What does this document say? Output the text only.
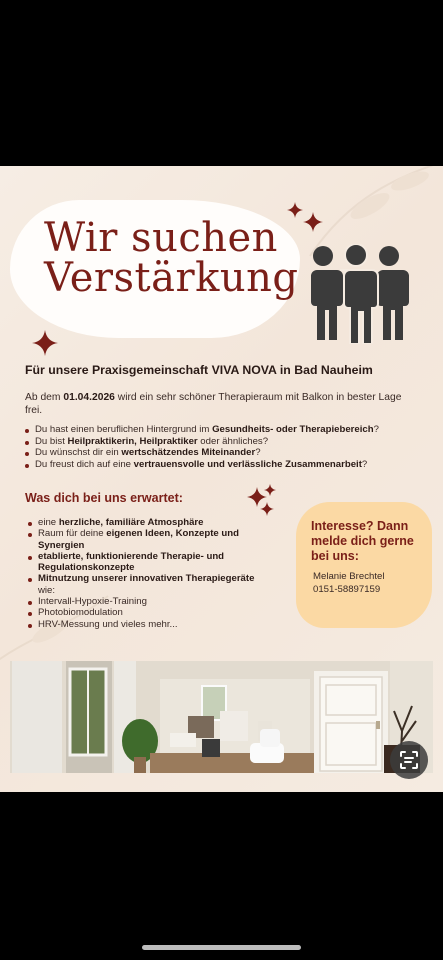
Wir suchen
Verstärkung
Für unsere Praxisgemeinschaft VIVA NOVA in Bad Nauheim
Ab dem 01.04.2026 wird ein sehr schöner Therapieraum mit Balkon in bester Lage frei.
Du hast einen beruflichen Hintergrund im Gesundheits- oder Therapiebereich?
Du bist Heilpraktikerin, Heilpraktiker oder ähnliches?
Du wünschst dir ein wertschätzendes Miteinander?
Du freust dich auf eine vertrauensvolle und verlässliche Zusammenarbeit?
Was dich bei uns erwartet:
eine herzliche, familiäre Atmosphäre
Raum für deine eigenen Ideen, Konzepte und Synergien
etablierte, funktionierende Therapie- und Regulationskonzepte
Mitnutzung unserer innovativen Therapiegeräte wie:
Intervall-Hypoxie-Training
Photobiomodulation
HRV-Messung und vieles mehr...
Interesse? Dann melde dich gerne bei uns:
Melanie Brechtel
0151-58897159
